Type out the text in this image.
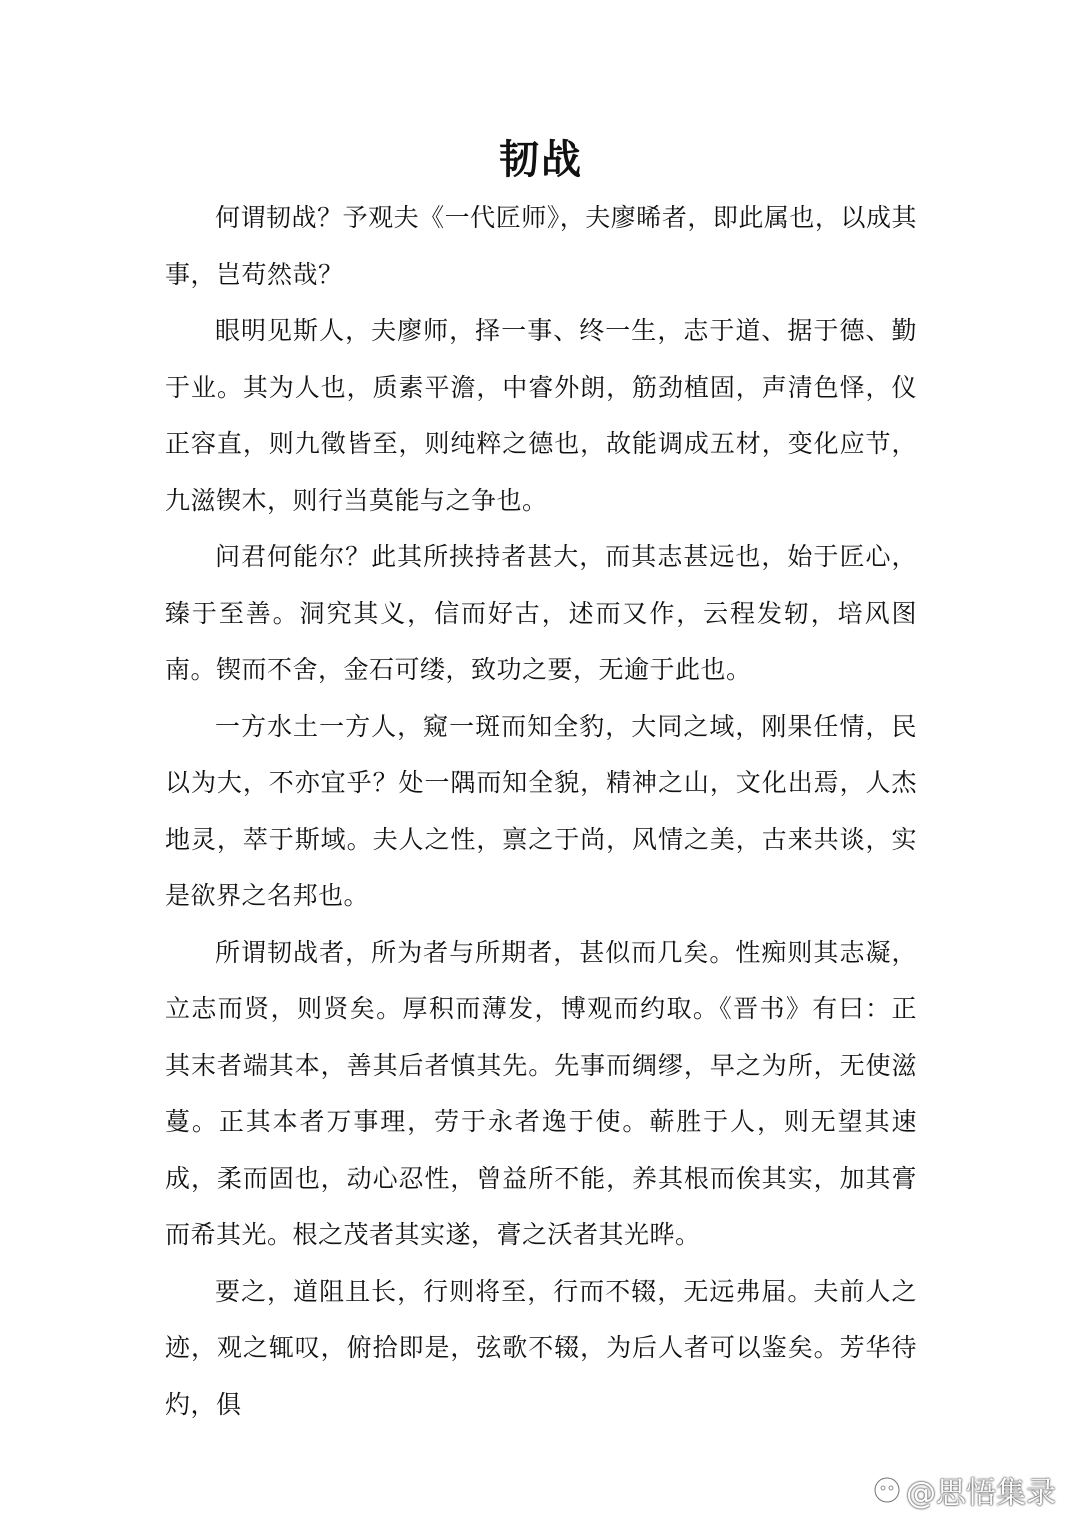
韧战

何谓韧战？予观夫《一代匠师》，夫廖晞者，即此属也，以成其事，岂苟然哉？

眼明见斯人，夫廖师，择一事、终一生，志于道、据于德、勤于业。其为人也，质素平澹，中睿外朗，筋劲植固，声清色怿，仪正容直，则九徵皆至，则纯粹之德也，故能调成五材，变化应节，九滋锲木，则行当莫能与之争也。

问君何能尔？此其所挟持者甚大，而其志甚远也，始于匠心，臻于至善。洞究其义，信而好古，述而又作，云程发轫，培风图南。锲而不舍，金石可缕，致功之要，无逾于此也。

一方水土一方人，窥一斑而知全豹，大同之域，刚果任情，民以为大，不亦宜乎？处一隅而知全貌，精神之山，文化出焉，人杰地灵，萃于斯域。夫人之性，禀之于尚，风情之美，古来共谈，实是欲界之名邦也。

所谓韧战者，所为者与所期者，甚似而几矣。性痴则其志凝，立志而贤，则贤矣。厚积而薄发，博观而约取。《晋书》有曰：正其末者端其本，善其后者慎其先。先事而绸缪，早之为所，无使滋蔓。正其本者万事理，劳于永者逸于使。蕲胜于人，则无望其速成，柔而固也，动心忍性，曾益所不能，养其根而俟其实，加其膏而希其光。根之茂者其实遂，膏之沃者其光晔。

要之，道阻且长，行则将至，行而不辍，无远弗届。夫前人之迹，观之辄叹，俯拾即是，弦歌不辍，为后人者可以鉴矣。芳华待灼，俱

@思悟集录
